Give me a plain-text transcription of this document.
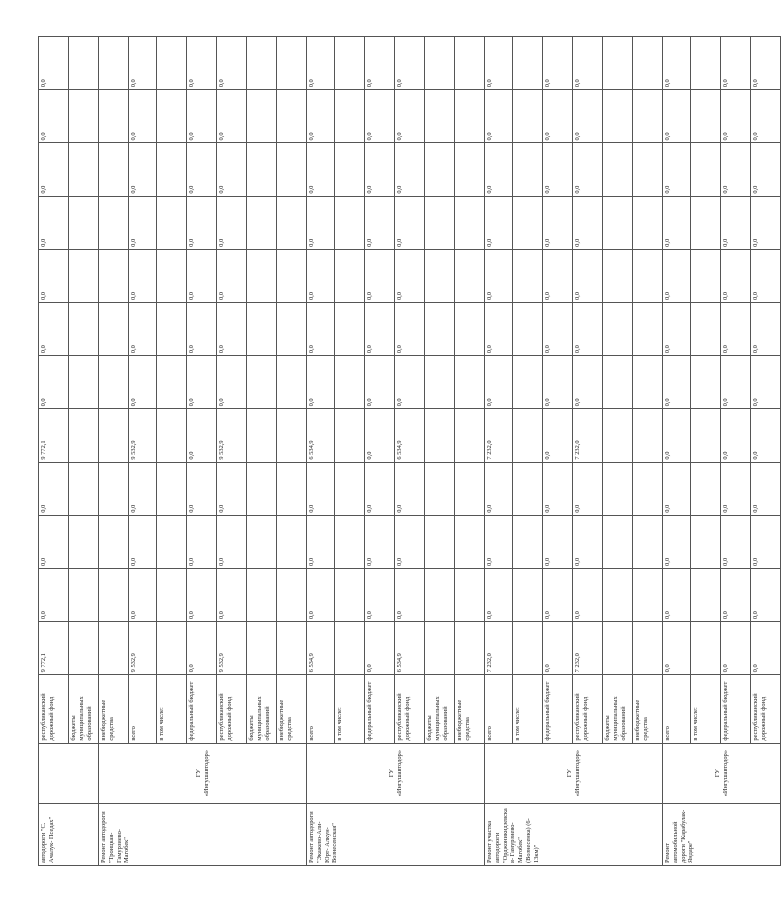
автодороги "С. Ачалук- Пседах"		республиканский дорожный фонд	9 772,1	0,0	0,0	0,0	9 772,1	0,0	0,0	0,0	0,0	0,0	0,0	0,0
		бюджеты муниципальных образований												
Ремонт автодороги "Троицкая- Гамурзиево- Магобек"	ГУ «Ингушавтодор»	внебюджетные средства												
		всего	9 532,9	0,0	0,0	0,0	9 532,9	0,0	0,0	0,0	0,0	0,0	0,0	0,0
		в том числе:												
		федеральный бюджет	0,0	0,0	0,0	0,0	0,0	0,0	0,0	0,0	0,0	0,0	0,0	0,0
		республиканский дорожный фонд	9 532,9	0,0	0,0	0,0	9 532,9	0,0	0,0	0,0	0,0	0,0	0,0	0,0
		бюджеты муниципальных образований												
		внебюджетные средства												
Ремонт автодороги "Экажево-Али- Юрт- Алкун- Вознесенская"	ГУ «Ингушавтодор»	всего	6 534,9	0,0	0,0	0,0	6 534,9	0,0	0,0	0,0	0,0	0,0	0,0	0,0
		в том числе:												
		федеральный бюджет	0,0	0,0	0,0	0,0	0,0	0,0	0,0	0,0	0,0	0,0	0,0	0,0
		республиканский дорожный фонд	6 534,9	0,0	0,0	0,0	6 534,9	0,0	0,0	0,0	0,0	0,0	0,0	0,0
		бюджеты муниципальных образований												
		внебюджетные средства												
Ремонт участка автодороги "Орджоникидзевская- Гамурзиево- Магобек"(Вознесенка) (6-13км)"	ГУ «Ингушавтодор»	всего	7 232,0	0,0	0,0	0,0	7 232,0	0,0	0,0	0,0	0,0	0,0	0,0	0,0
		в том числе:												
		федеральный бюджет	0,0	0,0	0,0	0,0	0,0	0,0	0,0	0,0	0,0	0,0	0,0	0,0
		республиканский дорожный фонд	7 232,0	0,0	0,0	0,0	7 232,0	0,0	0,0	0,0	0,0	0,0	0,0	0,0
		бюджеты муниципальных образований												
		внебюджетные средства												
Ремонт автомобильной дороги "Карабулак- Яндаре"	ГУ «Ингушавтодор»	всего	0,0	0,0	0,0	0,0	0,0	0,0	0,0	0,0	0,0	0,0	0,0	0,0
		в том числе:												
		федеральный бюджет	0,0	0,0	0,0	0,0	0,0	0,0	0,0	0,0	0,0	0,0	0,0	0,0
		республиканский дорожный фонд	0,0	0,0	0,0	0,0	0,0	0,0	0,0	0,0	0,0	0,0	0,0	0,0
